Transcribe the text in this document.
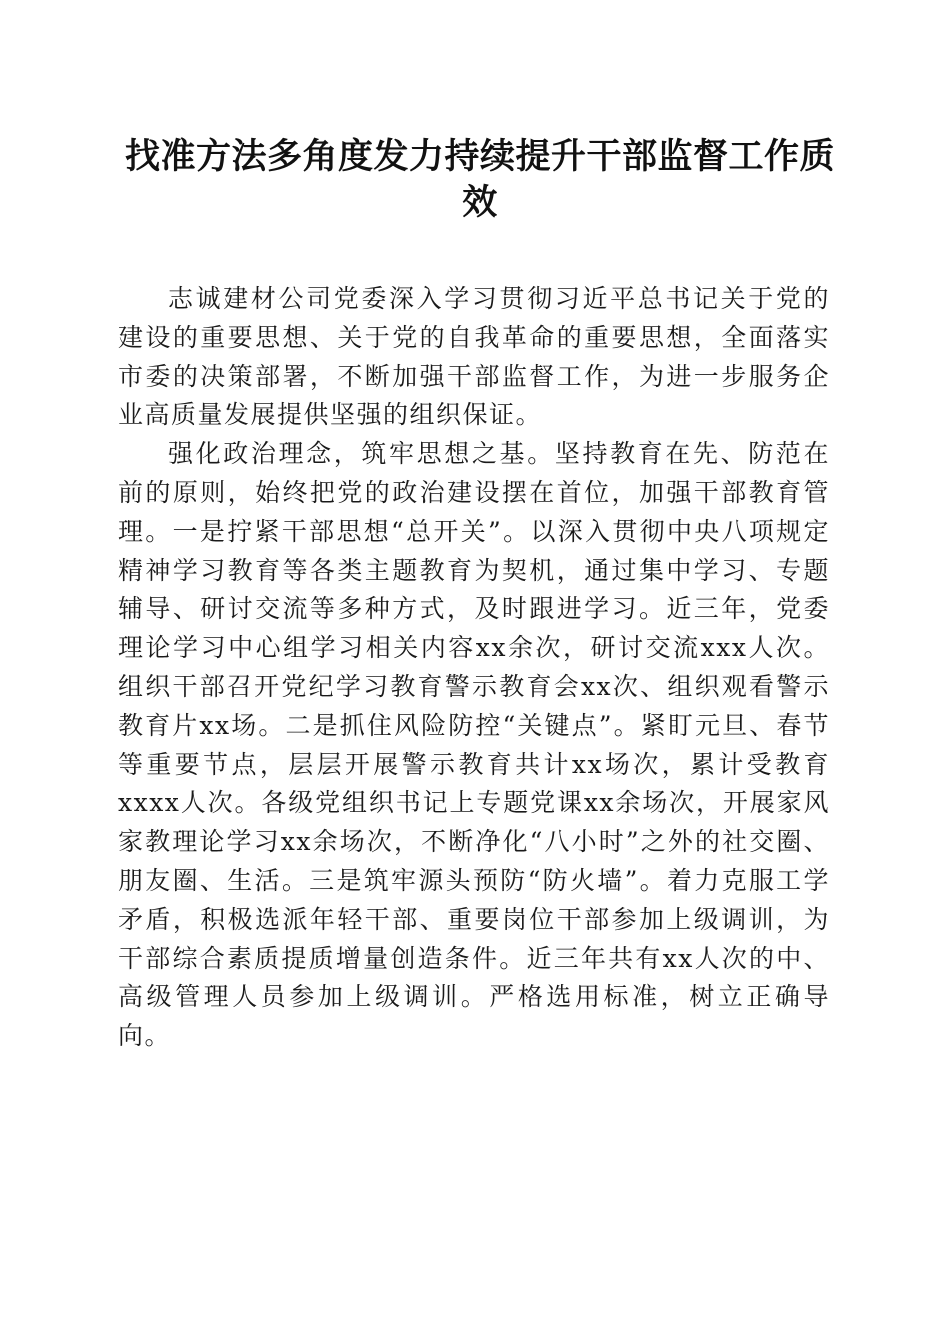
找准方法多角度发力持续提升干部监督工作质效

志诚建材公司党委深入学习贯彻习近平总书记关于党的建设的重要思想、关于党的自我革命的重要思想，全面落实市委的决策部署，不断加强干部监督工作，为进一步服务企业高质量发展提供坚强的组织保证。

强化政治理念，筑牢思想之基。坚持教育在先、防范在前的原则，始终把党的政治建设摆在首位，加强干部教育管理。一是拧紧干部思想“总开关”。以深入贯彻中央八项规定精神学习教育等各类主题教育为契机，通过集中学习、专题辅导、研讨交流等多种方式，及时跟进学习。近三年，党委理论学习中心组学习相关内容xx余次，研讨交流xxx人次。组织干部召开党纪学习教育警示教育会xx次、组织观看警示教育片xx场。二是抓住风险防控“关键点”。紧盯元旦、春节等重要节点，层层开展警示教育共计xx场次，累计受教育xxxx人次。各级党组织书记上专题党课xx余场次，开展家风家教理论学习xx余场次，不断净化“八小时”之外的社交圈、朋友圈、生活。三是筑牢源头预防“防火墙”。着力克服工学矛盾，积极选派年轻干部、重要岗位干部参加上级调训，为干部综合素质提质增量创造条件。近三年共有xx人次的中、高级管理人员参加上级调训。严格选用标准，树立正确导向。
